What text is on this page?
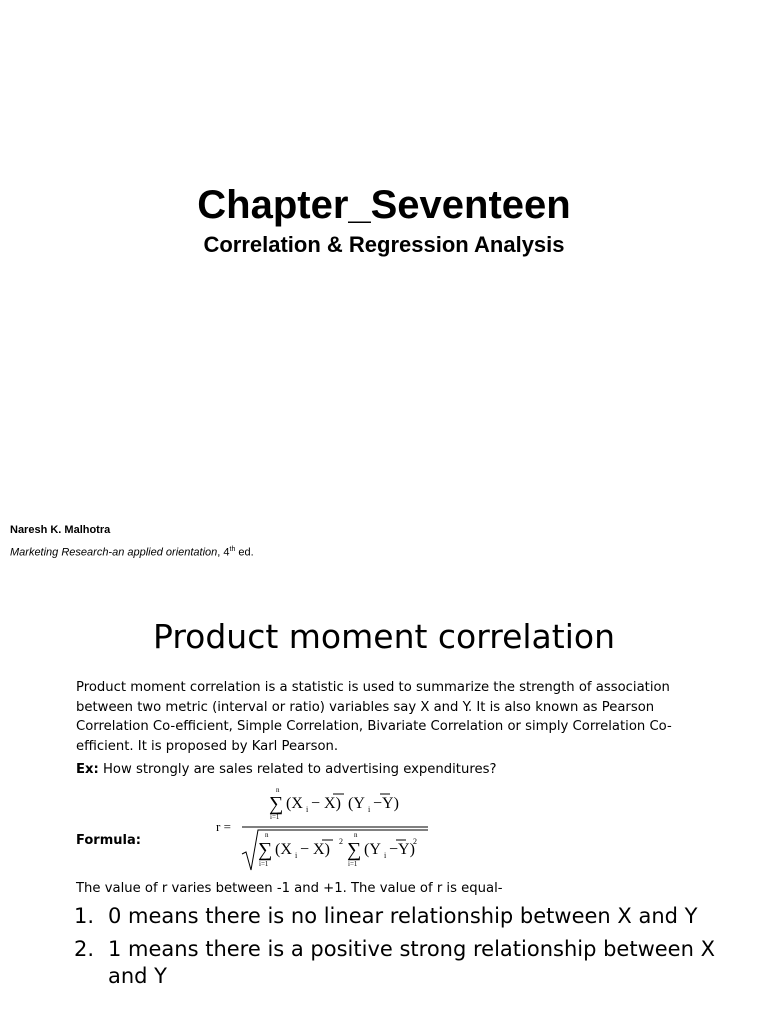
Chapter_Seventeen
Correlation & Regression Analysis
Naresh K. Malhotra
Marketing Research-an applied orientation, 4th ed.
Product moment correlation

Product moment correlation is a statistic is used to summarize the strength of association between two metric (interval or ratio) variables say X and Y. It is also known as Pearson Correlation Co-efficient, Simple Correlation, Bivariate Correlation or simply Correlation Co-efficient. It is proposed by Karl Pearson.

Ex: How strongly are sales related to advertising expenditures?

Formula:
r =
n
∑
i=1
(X i − X) (Y i −Y)
n
∑
i=1
(X i − X) 2
n
∑
i=1
(Y i −Y)
2

The value of r varies between -1 and +1. The value of r is equal-

1. 0 means there is no linear relationship between X and Y
2. 1 means there is a positive strong relationship between X and Y
